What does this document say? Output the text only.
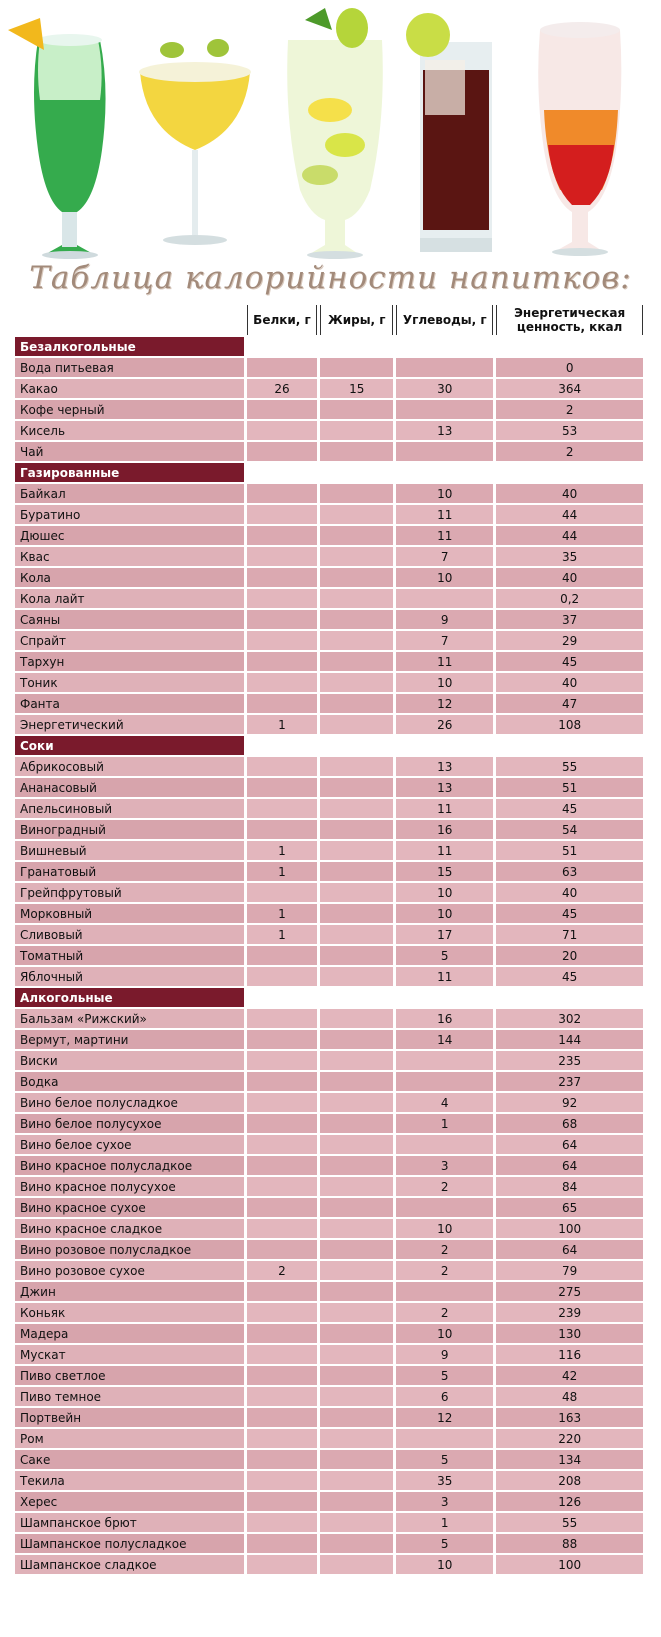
Таблица калорийности напитков:
	Белки, г	Жиры, г	Углеводы, г	Энергетическая ценность, ккал
Безалкогольные				
Вода питьевая				0
Какао	26	15	30	364
Кофе черный				2
Кисель			13	53
Чай				2
Газированные				
Байкал			10	40
Буратино			11	44
Дюшес			11	44
Квас			7	35
Кола			10	40
Кола лайт				0,2
Саяны			9	37
Спрайт			7	29
Тархун			11	45
Тоник			10	40
Фанта			12	47
Энергетический	1		26	108
Соки				
Абрикосовый			13	55
Ананасовый			13	51
Апельсиновый			11	45
Виноградный			16	54
Вишневый	1		11	51
Гранатовый	1		15	63
Грейпфрутовый			10	40
Морковный	1		10	45
Сливовый	1		17	71
Томатный			5	20
Яблочный			11	45
Алкогольные				
Бальзам «Рижский»			16	302
Вермут, мартини			14	144
Виски				235
Водка				237
Вино белое полусладкое			4	92
Вино белое полусухое			1	68
Вино белое сухое				64
Вино красное полусладкое			3	64
Вино красное полусухое			2	84
Вино красное сухое				65
Вино красное сладкое			10	100
Вино розовое полусладкое			2	64
Вино розовое сухое	2		2	79
Джин				275
Коньяк			2	239
Мадера			10	130
Мускат			9	116
Пиво светлое			5	42
Пиво темное			6	48
Портвейн			12	163
Ром				220
Саке			5	134
Текила			35	208
Херес			3	126
Шампанское брют			1	55
Шампанское полусладкое			5	88
Шампанское сладкое			10	100
